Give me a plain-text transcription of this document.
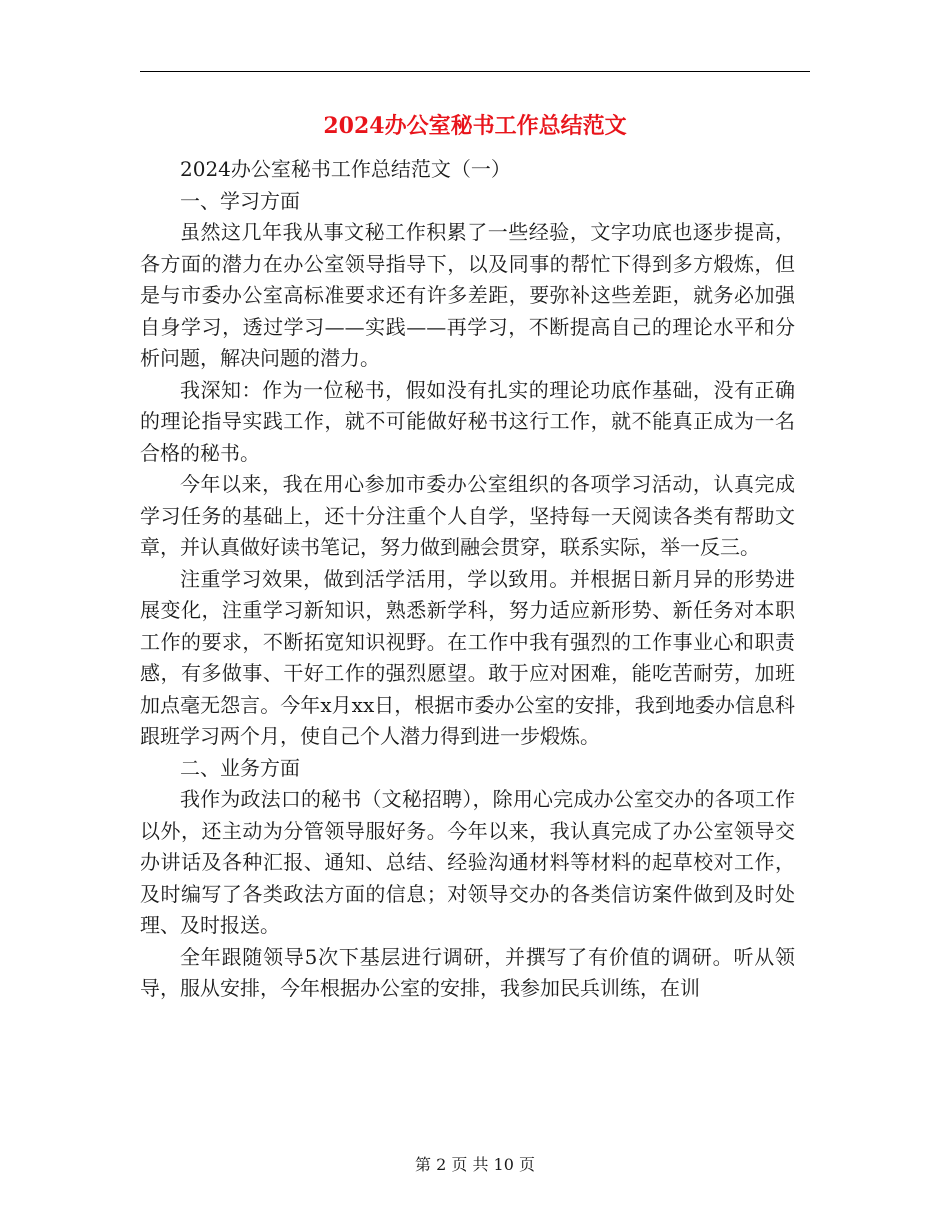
2024办公室秘书工作总结范文

2024办公室秘书工作总结范文（一）

一、学习方面

虽然这几年我从事文秘工作积累了一些经验，文字功底也逐步提高，各方面的潜力在办公室领导指导下，以及同事的帮忙下得到多方煅炼，但是与市委办公室高标准要求还有许多差距，要弥补这些差距，就务必加强自身学习，透过学习——实践——再学习，不断提高自己的理论水平和分析问题，解决问题的潜力。

我深知：作为一位秘书，假如没有扎实的理论功底作基础，没有正确的理论指导实践工作，就不可能做好秘书这行工作，就不能真正成为一名合格的秘书。

今年以来，我在用心参加市委办公室组织的各项学习活动，认真完成学习任务的基础上，还十分注重个人自学，坚持每一天阅读各类有帮助文章，并认真做好读书笔记，努力做到融会贯穿，联系实际，举一反三。

注重学习效果，做到活学活用，学以致用。并根据日新月异的形势进展变化，注重学习新知识，熟悉新学科，努力适应新形势、新任务对本职工作的要求，不断拓宽知识视野。在工作中我有强烈的工作事业心和职责感，有多做事、干好工作的强烈愿望。敢于应对困难，能吃苦耐劳，加班加点毫无怨言。今年x月xx日，根据市委办公室的安排，我到地委办信息科跟班学习两个月，使自己个人潜力得到进一步煅炼。

二、业务方面

我作为政法口的秘书（文秘招聘），除用心完成办公室交办的各项工作以外，还主动为分管领导服好务。今年以来，我认真完成了办公室领导交办讲话及各种汇报、通知、总结、经验沟通材料等材料的起草校对工作，及时编写了各类政法方面的信息；对领导交办的各类信访案件做到及时处理、及时报送。

全年跟随领导5次下基层进行调研，并撰写了有价值的调研。听从领导，服从安排，今年根据办公室的安排，我参加民兵训练，在训

第 2 页 共 10 页
